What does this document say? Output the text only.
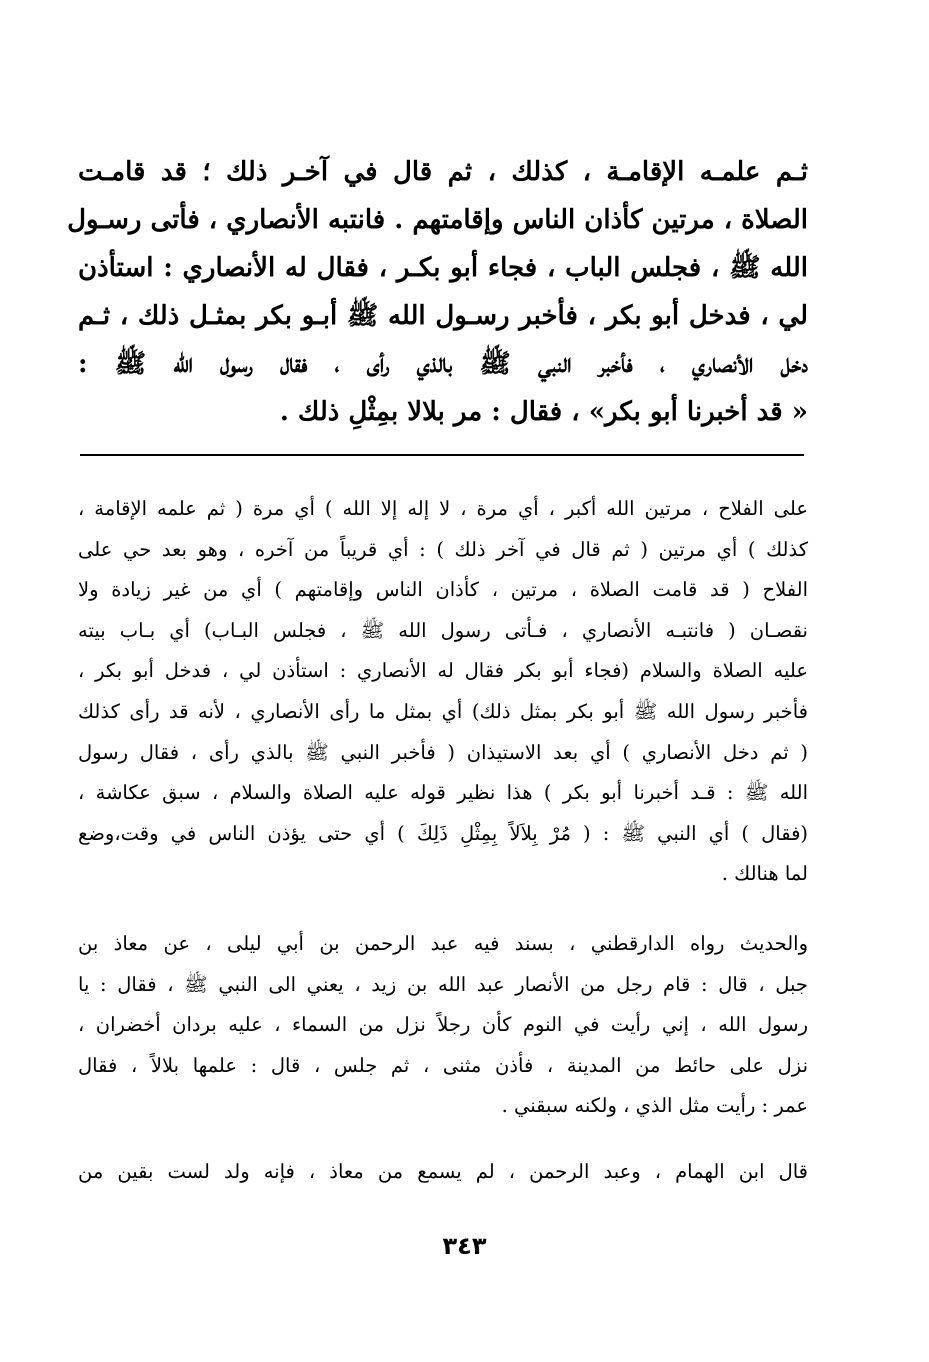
ثـم علمـه الإقامـة ، كذلك ، ثم قال في آخـر ذلك ؛ قد قامـت
الصلاة ، مرتين كأذان الناس وإقامتهم . فانتبه الأنصاري ، فأتى رسـول
الله ﷺ ، فجلس الباب ، فجاء أبو بكـر ، فقال له الأنصاري : استأذن
لي ، فدخل أبو بكر ، فأخبر رسـول الله ﷺ أبـو بكر بمثـل ذلك ، ثـم
دخل الأنصاري ، فأخبر النبي ﷺ بالذي رأى ، فقال رسول الله ﷺ :
« قد أخبرنا أبو بكر» ، فقال : مر بلالا بمِثْلِ ذلك .
على الفلاح ، مرتين الله أكبر ، أي مرة ، لا إله إلا الله ) أي مرة ( ثم علمه الإقامة ،
كذلك ) أي مرتين ( ثم قال في آخر ذلك ) : أي قريباً من آخره ، وهو بعد حي على
الفلاح ( قد قامت الصلاة ، مرتين ، كأذان الناس وإقامتهم ) أي من غير زيادة ولا
نقصـان ( فانتبـه الأنصاري ، فـأتى رسول الله ﷺ ، فجلس البـاب) أي بـاب بيته
عليه الصلاة والسلام (فجاء أبو بكر فقال له الأنصاري : استأذن لي ، فدخل أبو بكر ،
فأخبر رسول الله ﷺ أبو بكر بمثل ذلك) أي بمثل ما رأى الأنصاري ، لأنه قد رأى كذلك
( ثم دخل الأنصاري ) أي بعد الاستيذان ( فأخبر النبي ﷺ بالذي رأى ، فقال رسول
الله ﷺ : قـد أخبرنا أبو بكر ) هذا نظير قوله عليه الصلاة والسلام ، سبق عكاشة ،
(فقال ) أي النبي ﷺ : ( مُرْ بِلاَلاً بِمِثْلِ ذَلِكَ ) أي حتى يؤذن الناس في وقت،وضع
لما هنالك .
والحديث رواه الدارقطني ، بسند فيه عبد الرحمن بن أبي ليلى ، عن معاذ بن
جبل ، قال : قام رجل من الأنصار عبد الله بن زيد ، يعني الى النبي ﷺ ، فقال : يا
رسول الله ، إني رأيت في النوم كأن رجلاً نزل من السماء ، عليه بردان أخضران ،
نزل على حائط من المدينة ، فأذن مثنى ، ثم جلس ، قال : علمها بلالاً ، فقال
عمر : رأيت مثل الذي ، ولكنه سبقني .
قال ابن الهمام ، وعبد الرحمن ، لم يسمع من معاذ ، فإنه ولد لست بقين من
٣٤٣
